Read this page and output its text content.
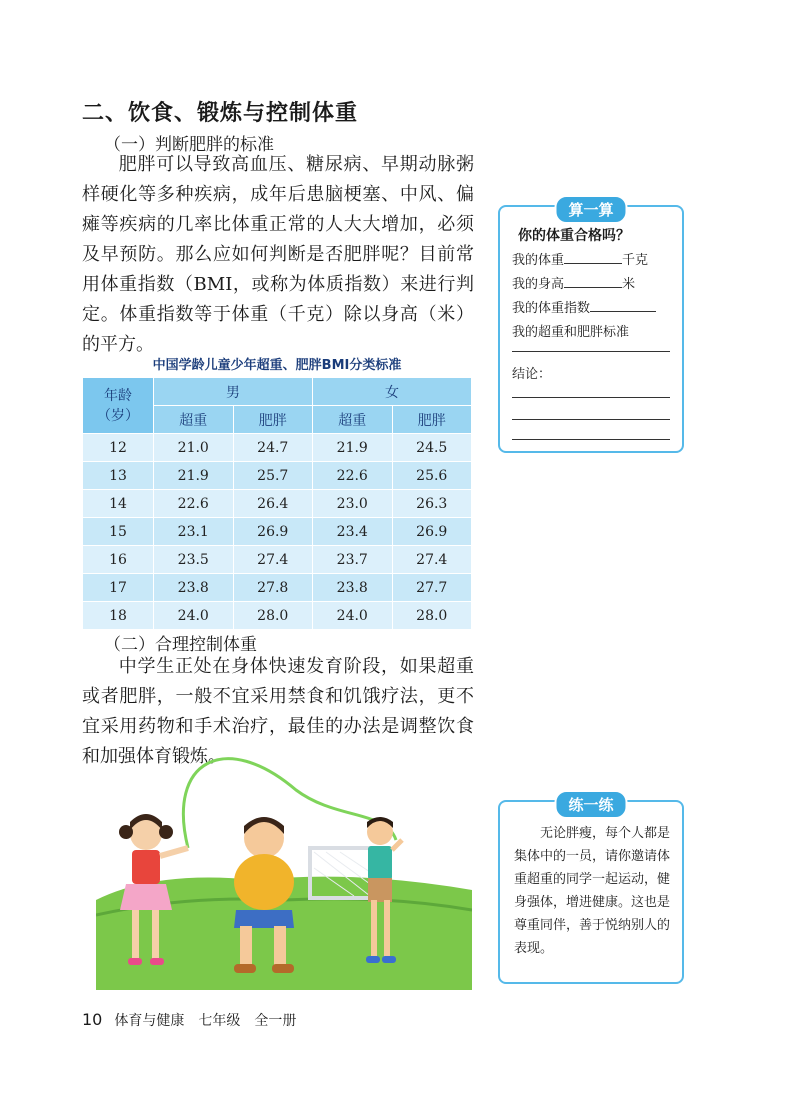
二、饮食、锻炼与控制体重
（一）判断肥胖的标准
肥胖可以导致高血压、糖尿病、早期动脉粥样硬化等多种疾病，成年后患脑梗塞、中风、偏瘫等疾病的几率比体重正常的人大大增加，必须及早预防。那么应如何判断是否肥胖呢？目前常用体重指数（BMI，或称为体质指数）来进行判定。体重指数等于体重（千克）除以身高（米）的平方。
中国学龄儿童少年超重、肥胖BMI分类标准
年龄
（岁）	男		女	
	超重	肥胖	超重	肥胖
12	21.0	24.7	21.9	24.5
13	21.9	25.7	22.6	25.6
14	22.6	26.4	23.0	26.3
15	23.1	26.9	23.4	26.9
16	23.5	27.4	23.7	27.4
17	23.8	27.8	23.8	27.7
18	24.0	28.0	24.0	28.0
（二）合理控制体重
中学生正处在身体快速发育阶段，如果超重或者肥胖，一般不宜采用禁食和饥饿疗法，更不宜采用药物和手术治疗，最佳的办法是调整饮食和加强体育锻炼。
算一算
你的体重合格吗？
我的体重	千克
我的身高	米
我的体重指数
我的超重和肥胖标准
结论：
练一练
无论胖瘦，每个人都是集体中的一员，请你邀请体重超重的同学一起运动，健身强体，增进健康。这也是尊重同伴，善于悦纳别人的表现。
10 体育与健康 七年级 全一册
